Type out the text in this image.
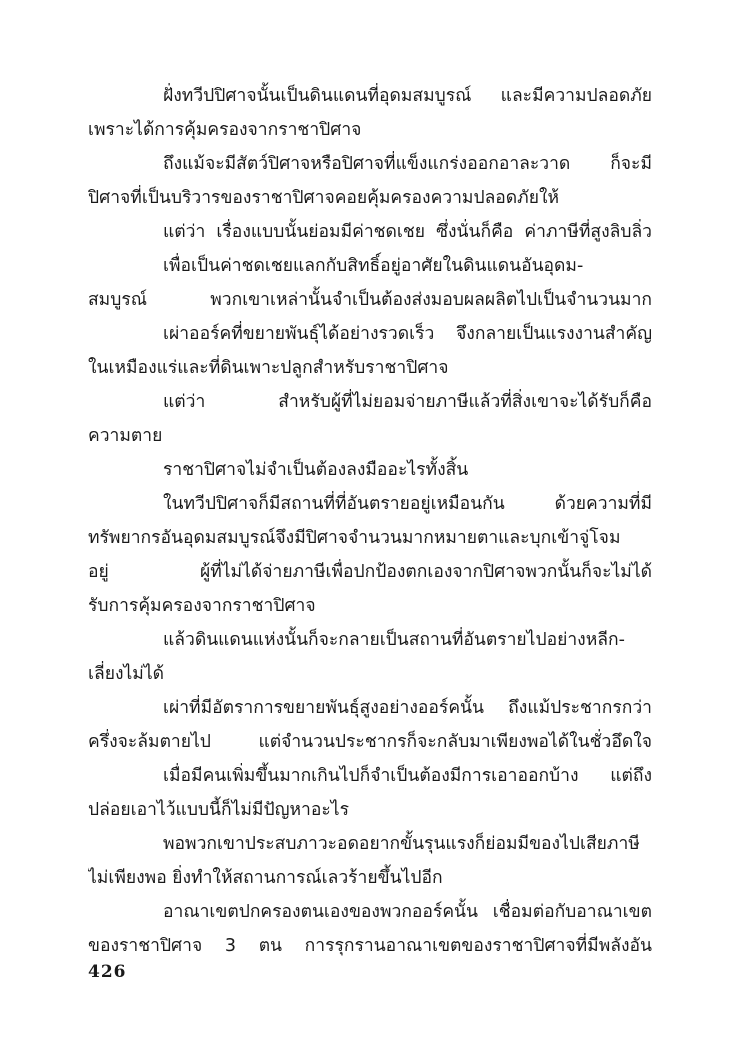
ฝั่งทวีปปิศาจนั้นเป็นดินแดนที่อุดมสมบูรณ์ และมีความปลอดภัย
เพราะได้การคุ้มครองจากราชาปิศาจ
ถึงแม้จะมีสัตว์ปิศาจหรือปิศาจที่แข็งแกร่งออกอาละวาด ก็จะมี
ปิศาจที่เป็นบริวารของราชาปิศาจคอยคุ้มครองความปลอดภัยให้
แต่ว่า เรื่องแบบนั้นย่อมมีค่าชดเชย ซึ่งนั่นก็คือ ค่าภาษีที่สูงลิบลิ่ว
เพื่อเป็นค่าชดเชยแลกกับสิทธิ์อยู่อาศัยในดินแดนอันอุดม-
สมบูรณ์ พวกเขาเหล่านั้นจำเป็นต้องส่งมอบผลผลิตไปเป็นจำนวนมาก
เผ่าออร์คที่ขยายพันธุ์ได้อย่างรวดเร็ว จึงกลายเป็นแรงงานสำคัญ
ในเหมืองแร่และที่ดินเพาะปลูกสำหรับราชาปิศาจ
แต่ว่า สำหรับผู้ที่ไม่ยอมจ่ายภาษีแล้วที่สิ่งเขาจะได้รับก็คือ
ความตาย
ราชาปิศาจไม่จำเป็นต้องลงมืออะไรทั้งสิ้น
ในทวีปปิศาจก็มีสถานที่ที่อันตรายอยู่เหมือนกัน ด้วยความที่มี
ทรัพยากรอันอุดมสมบูรณ์จึงมีปิศาจจำนวนมากหมายตาและบุกเข้าจู่โจม
อยู่ ผู้ที่ไม่ได้จ่ายภาษีเพื่อปกป้องตกเองจากปิศาจพวกนั้นก็จะไม่ได้
รับการคุ้มครองจากราชาปิศาจ
แล้วดินแดนแห่งนั้นก็จะกลายเป็นสถานที่อันตรายไปอย่างหลีก-
เลี่ยงไม่ได้
เผ่าที่มีอัตราการขยายพันธุ์สูงอย่างออร์คนั้น ถึงแม้ประชากรกว่า
ครึ่งจะล้มตายไป แต่จำนวนประชากรก็จะกลับมาเพียงพอได้ในชั่วอึดใจ
เมื่อมีคนเพิ่มขึ้นมากเกินไปก็จำเป็นต้องมีการเอาออกบ้าง แต่ถึง
ปล่อยเอาไว้แบบนี้ก็ไม่มีปัญหาอะไร
พอพวกเขาประสบภาวะอดอยากขั้นรุนแรงก็ย่อมมีของไปเสียภาษี
ไม่เพียงพอ ยิ่งทำให้สถานการณ์เลวร้ายขึ้นไปอีก
อาณาเขตปกครองตนเองของพวกออร์คนั้น เชื่อมต่อกับอาณาเขต
ของราชาปิศาจ 3 ตน การรุกรานอาณาเขตของราชาปิศาจที่มีพลังอัน
426
